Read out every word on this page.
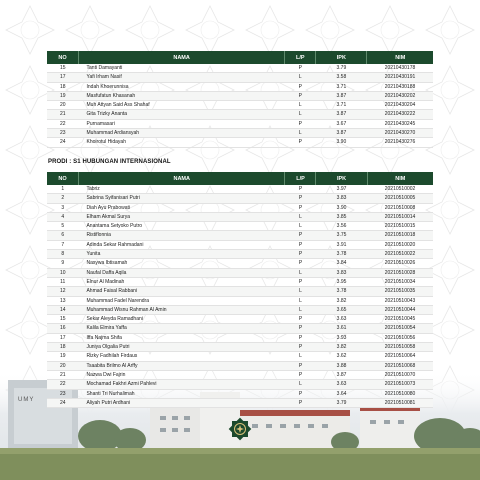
UMY
NO	NAMA	L/P	IPK	NIM
15	Tanti Damayanti	P	3.79	20210430178
17	Yafi Irham Nasif	L	3.58	20210430191
18	Indah Khoerunnisa	P	3.71	20210430188
19	Masfufatun Khasanah	P	3.87	20210430202
20	Muh Attyan Said Ass Shahaf	L	3.71	20210430204
21	Gita Trizky Ananta	L	3.87	20210430222
22	Purnamasari	P	3.67	20210430245
23	Muhammad Ardiansyah	L	3.87	20210430270
24	Khoirotul Hidayah	P	3.90	20210430276
PRODI : S1 HUBUNGAN INTERNASIONAL
NO	NAMA	L/P	IPK	NIM
1	Tabriz	P	3.97	20210510002
2	Sabrina Syifanisari Putri	P	3.83	20210510005
3	Diah Ayu Prabowati	P	3.90	20210510008
4	Elham Akmal Surya	L	3.85	20210510014
5	Anantama Setyoko Putro	L	3.56	20210510015
6	Ristiflonnia	P	3.75	20210510018
7	Adinda Sekar Rahmadani	P	3.91	20210510020
8	Yunita	P	3.78	20210510022
9	Nasywa Ibtisamah	P	3.84	20210510026
10	Naufal Daffa Aqila	L	3.83	20210510028
11	Elnur Al Madinah	P	3.95	20210510034
12	Ahmad Faisal Rabbani	L	3.78	20210510035
13	Muhammad Fadel Narendra	L	3.82	20210510043
14	Muhammad Wisnu Rahman Al Amin	L	3.65	20210510044
15	Sekar Aleyda Ramadhani	P	3.63	20210510045
16	Kalila Elmira Yaffa	P	3.61	20210510054
17	Iffa Najma Shifa	P	3.93	20210510056
18	Juniya Olgalia Putri	P	3.82	20210510058
19	Rizky Fadhilah Firdaus	L	3.62	20210510064
20	Tsaabita Brilmo Al Arffy	P	3.88	20210510068
21	Nazwa Dwi Fajrin	P	3.87	20210510070
22	Mochamad Fakhri Azmi Pahlevi	L	3.63	20210510073
23	Shanti Tri Nurhalimah	P	3.64	20210510080
24	Aliyah Putri Ardhani	P	3.79	20210510081
